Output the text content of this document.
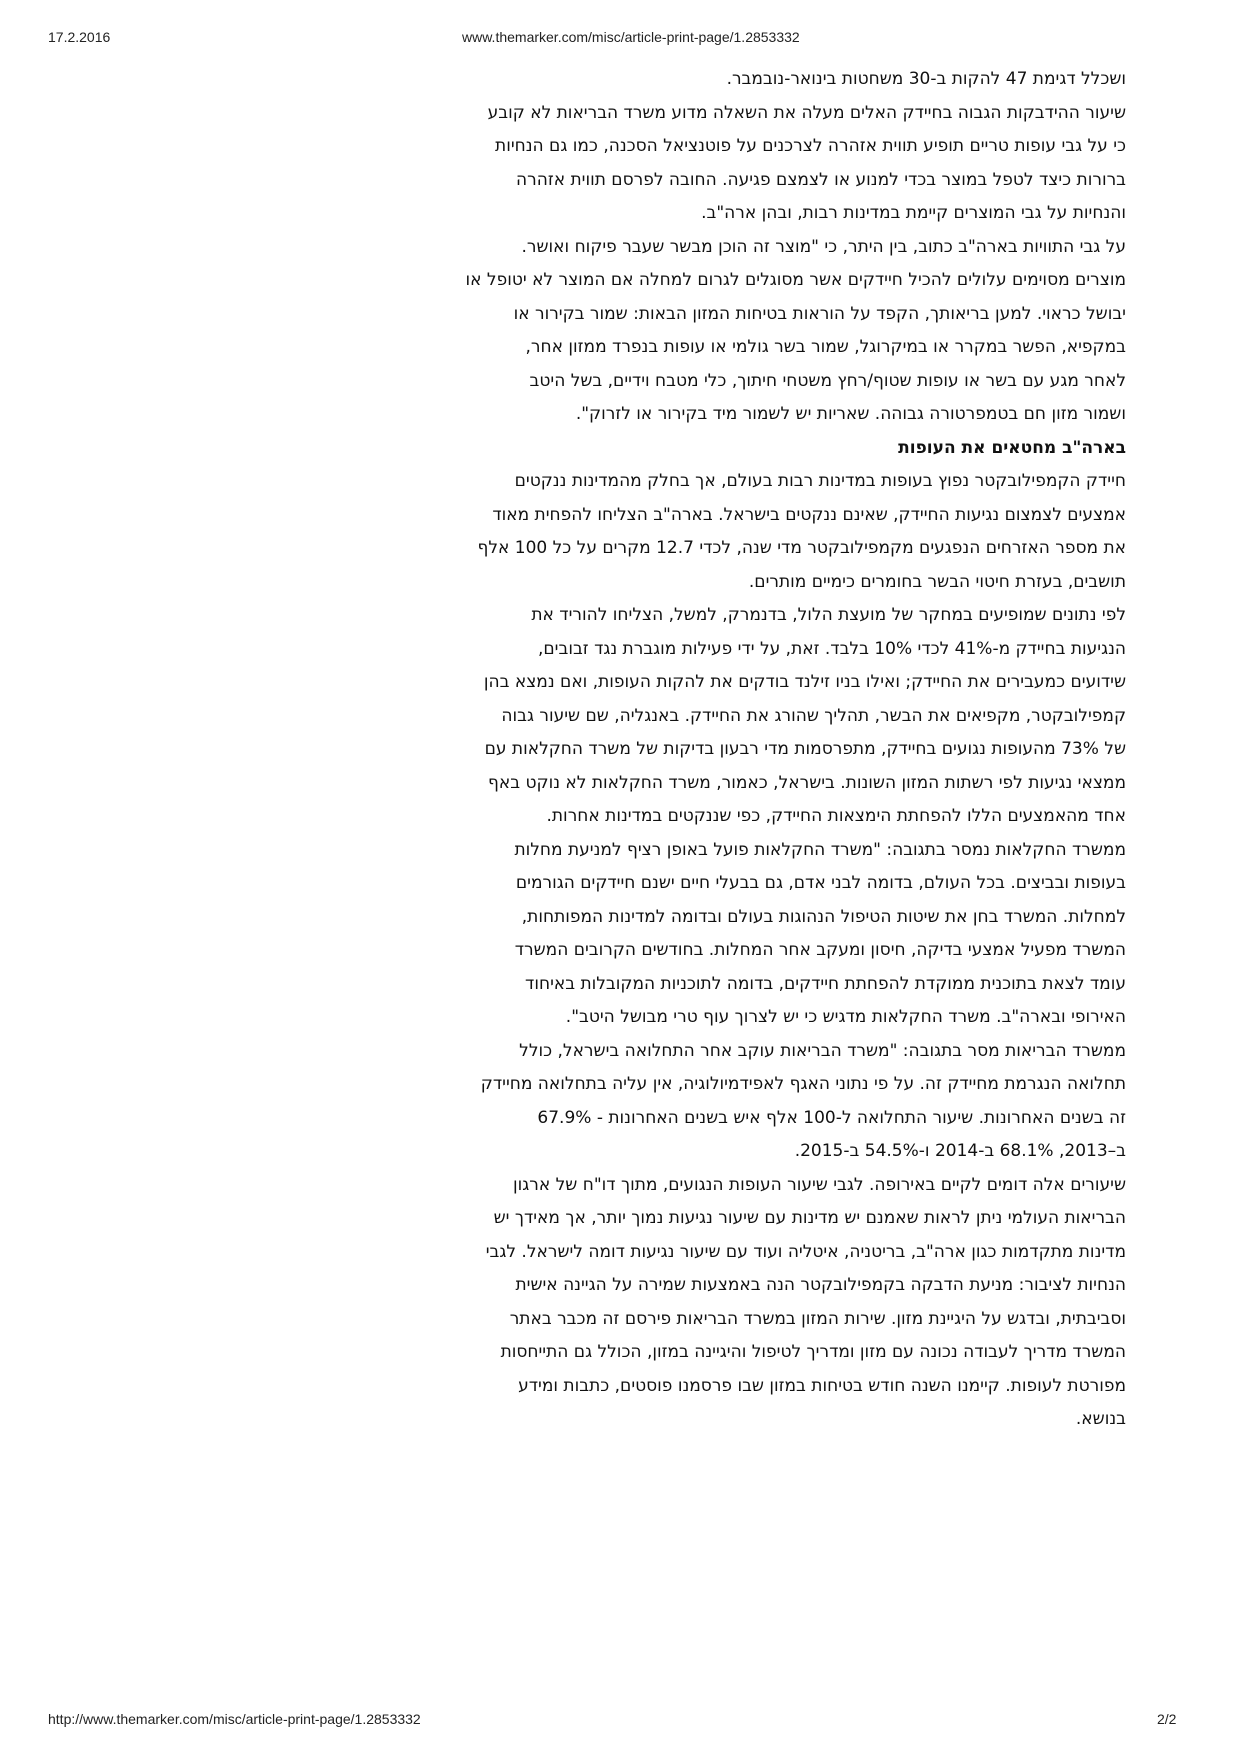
17.2.2016	www.themarker.com/misc/article-print-page/1.2853332
ושכלל דגימת 47 להקות ב-30 משחטות בינואר-נובמבר.
שיעור ההידבקות הגבוה בחיידק האלים מעלה את השאלה מדוע משרד הבריאות לא קובע
כי על גבי עופות טריים תופיע תווית אזהרה לצרכנים על פוטנציאל הסכנה, כמו גם הנחיות
ברורות כיצד לטפל במוצר בכדי למנוע או לצמצם פגיעה. החובה לפרסם תווית אזהרה
והנחיות על גבי המוצרים קיימת במדינות רבות, ובהן ארה"ב.
על גבי התוויות בארה"ב כתוב, בין היתר, כי "מוצר זה הוכן מבשר שעבר פיקוח ואושר.
מוצרים מסוימים עלולים להכיל חיידקים אשר מסוגלים לגרום למחלה אם המוצר לא יטופל או
יבושל כראוי. למען בריאותך, הקפד על הוראות בטיחות המזון הבאות: שמור בקירור או
במקפיא, הפשר במקרר או במיקרוגל, שמור בשר גולמי או עופות בנפרד ממזון אחר,
לאחר מגע עם בשר או עופות שטוף/רחץ משטחי חיתוך, כלי מטבח וידיים, בשל היטב
ושמור מזון חם בטמפרטורה גבוהה. שאריות יש לשמור מיד בקירור או לזרוק".
בארה"ב מחטאים את העופות
חיידק הקמפילובקטר נפוץ בעופות במדינות רבות בעולם, אך בחלק מהמדינות ננקטים
אמצעים לצמצום נגיעות החיידק, שאינם ננקטים בישראל. בארה"ב הצליחו להפחית מאוד
את מספר האזרחים הנפגעים מקמפילובקטר מדי שנה, לכדי 12.7 מקרים על כל 100 אלף
תושבים, בעזרת חיטוי הבשר בחומרים כימיים מותרים.
לפי נתונים שמופיעים במחקר של מועצת הלול, בדנמרק, למשל, הצליחו להוריד את
הנגיעות בחיידק מ-41% לכדי 10% בלבד. זאת, על ידי פעילות מוגברת נגד זבובים,
שידועים כמעבירים את החיידק; ואילו בניו זילנד בודקים את להקות העופות, ואם נמצא בהן
קמפילובקטר, מקפיאים את הבשר, תהליך שהורג את החיידק. באנגליה, שם שיעור גבוה
של 73% מהעופות נגועים בחיידק, מתפרסמות מדי רבעון בדיקות של משרד החקלאות עם
ממצאי נגיעות לפי רשתות המזון השונות. בישראל, כאמור, משרד החקלאות לא נוקט באף
אחד מהאמצעים הללו להפחתת הימצאות החיידק, כפי שננקטים במדינות אחרות.
ממשרד החקלאות נמסר בתגובה: "משרד החקלאות פועל באופן רציף למניעת מחלות
בעופות ובביצים. בכל העולם, בדומה לבני אדם, גם בבעלי חיים ישנם חיידקים הגורמים
למחלות. המשרד בחן את שיטות הטיפול הנהוגות בעולם ובדומה למדינות המפותחות,
המשרד מפעיל אמצעי בדיקה, חיסון ומעקב אחר המחלות. בחודשים הקרובים המשרד
עומד לצאת בתוכנית ממוקדת להפחתת חיידקים, בדומה לתוכניות המקובלות באיחוד
האירופי ובארה"ב. משרד החקלאות מדגיש כי יש לצרוך עוף טרי מבושל היטב".
ממשרד הבריאות מסר בתגובה: "משרד הבריאות עוקב אחר התחלואה בישראל, כולל
תחלואה הנגרמת מחיידק זה. על פי נתוני האגף לאפידמיולוגיה, אין עליה בתחלואה מחיידק
זה בשנים האחרונות. שיעור התחלואה ל-100 אלף איש בשנים האחרונות - 67.9%
ב–2013, 68.1% ב-2014 ו-54.5% ב-2015.
שיעורים אלה דומים לקיים באירופה. לגבי שיעור העופות הנגועים, מתוך דו"ח של ארגון
הבריאות העולמי ניתן לראות שאמנם יש מדינות עם שיעור נגיעות נמוך יותר, אך מאידך יש
מדינות מתקדמות כגון ארה"ב, בריטניה, איטליה ועוד עם שיעור נגיעות דומה לישראל. לגבי
הנחיות לציבור: מניעת הדבקה בקמפילובקטר הנה באמצעות שמירה על הגיינה אישית
וסביבתית, ובדגש על היגיינת מזון. שירות המזון במשרד הבריאות פירסם זה מכבר באתר
המשרד מדריך לעבודה נכונה עם מזון ומדריך לטיפול והיגיינה במזון, הכולל גם התייחסות
מפורטת לעופות. קיימנו השנה חודש בטיחות במזון שבו פרסמנו פוסטים, כתבות ומידע
בנושא.
http://www.themarker.com/misc/article-print-page/1.2853332	2/2
